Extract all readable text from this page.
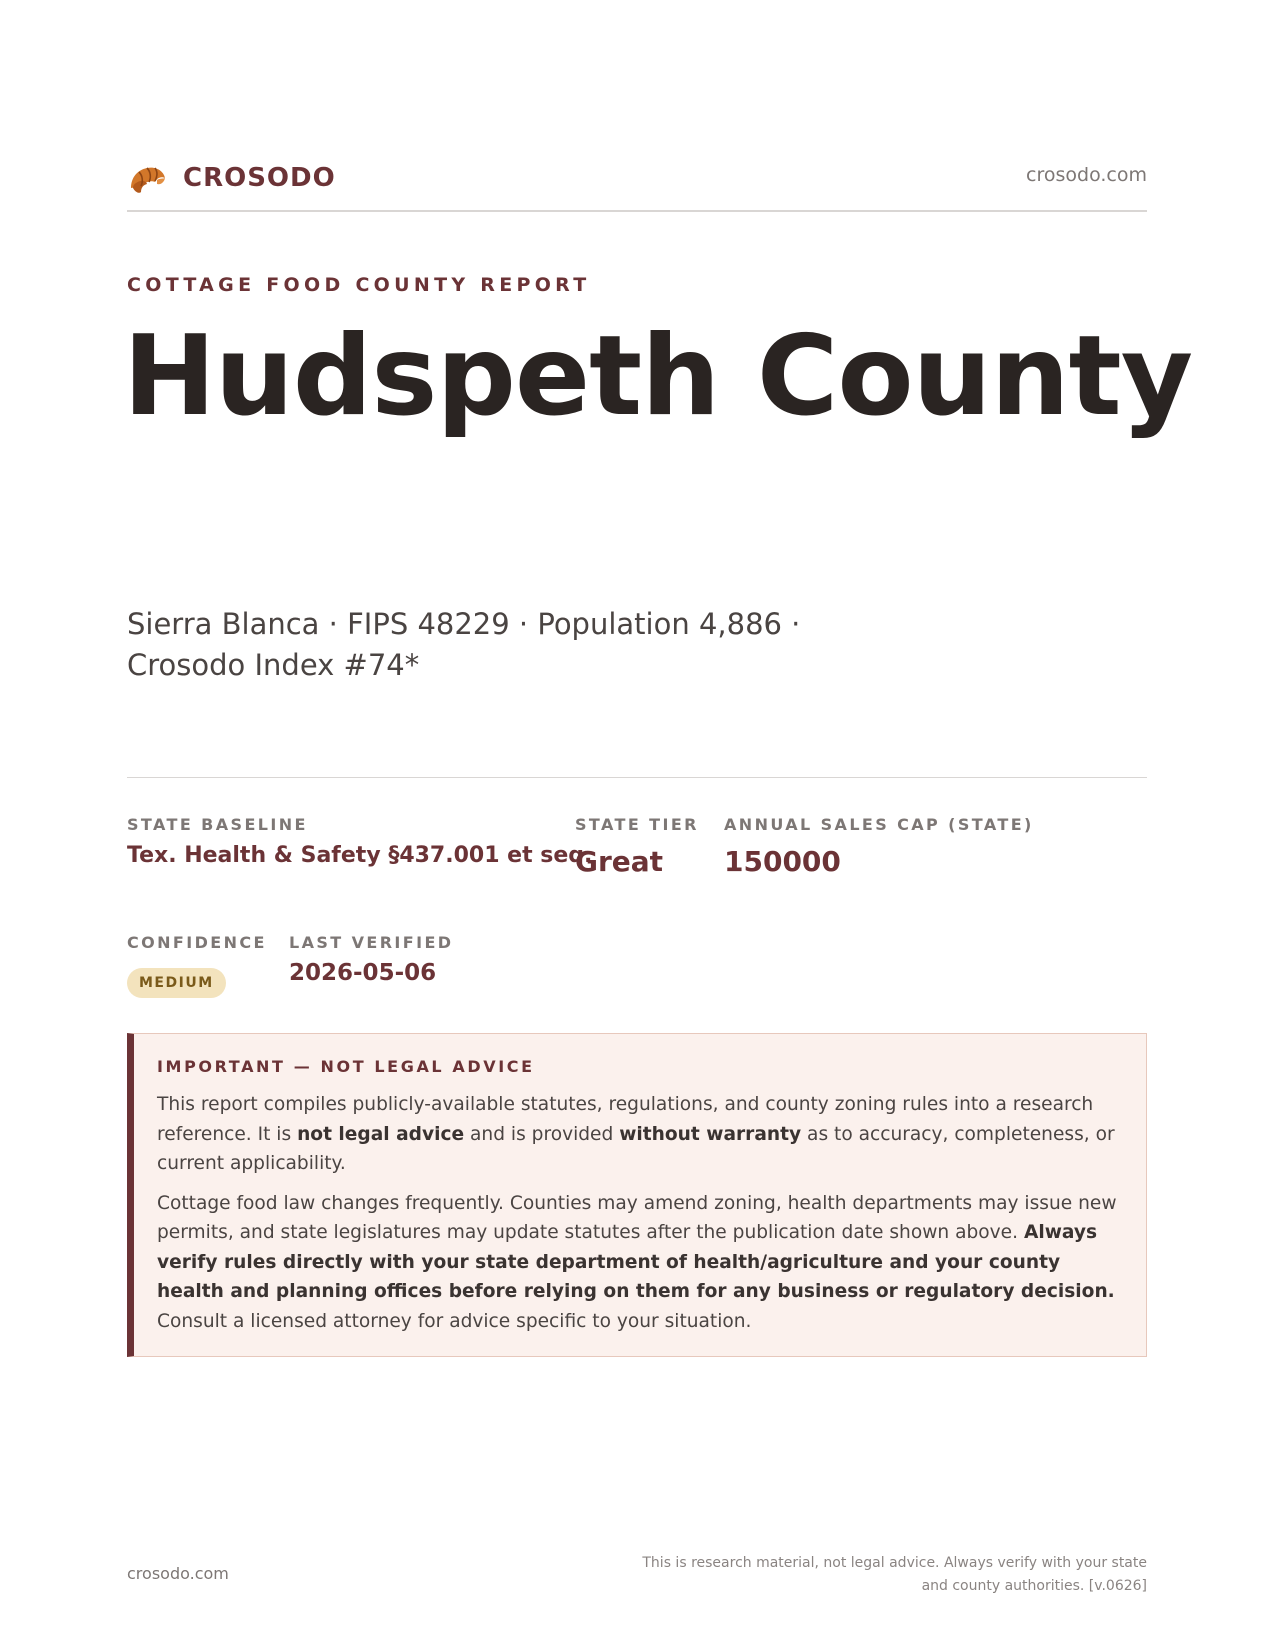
CROSODO	crosodo.com
COTTAGE FOOD COUNTY REPORT
Hudspeth County
Sierra Blanca · FIPS 48229 · Population 4,886 · Crosodo Index #74*
STATE BASELINE
Tex. Health & Safety §437.001 et seq.
STATE TIER
Great
ANNUAL SALES CAP (STATE)
150000
CONFIDENCE
MEDIUM
LAST VERIFIED
2026-05-06
IMPORTANT — NOT LEGAL ADVICE

This report compiles publicly-available statutes, regulations, and county zoning rules into a research reference. It is not legal advice and is provided without warranty as to accuracy, completeness, or current applicability.

Cottage food law changes frequently. Counties may amend zoning, health departments may issue new permits, and state legislatures may update statutes after the publication date shown above. Always verify rules directly with your state department of health/agriculture and your county health and planning offices before relying on them for any business or regulatory decision. Consult a licensed attorney for advice specific to your situation.

crosodo.com
This is research material, not legal advice. Always verify with your state and county authorities. [v.0626]
